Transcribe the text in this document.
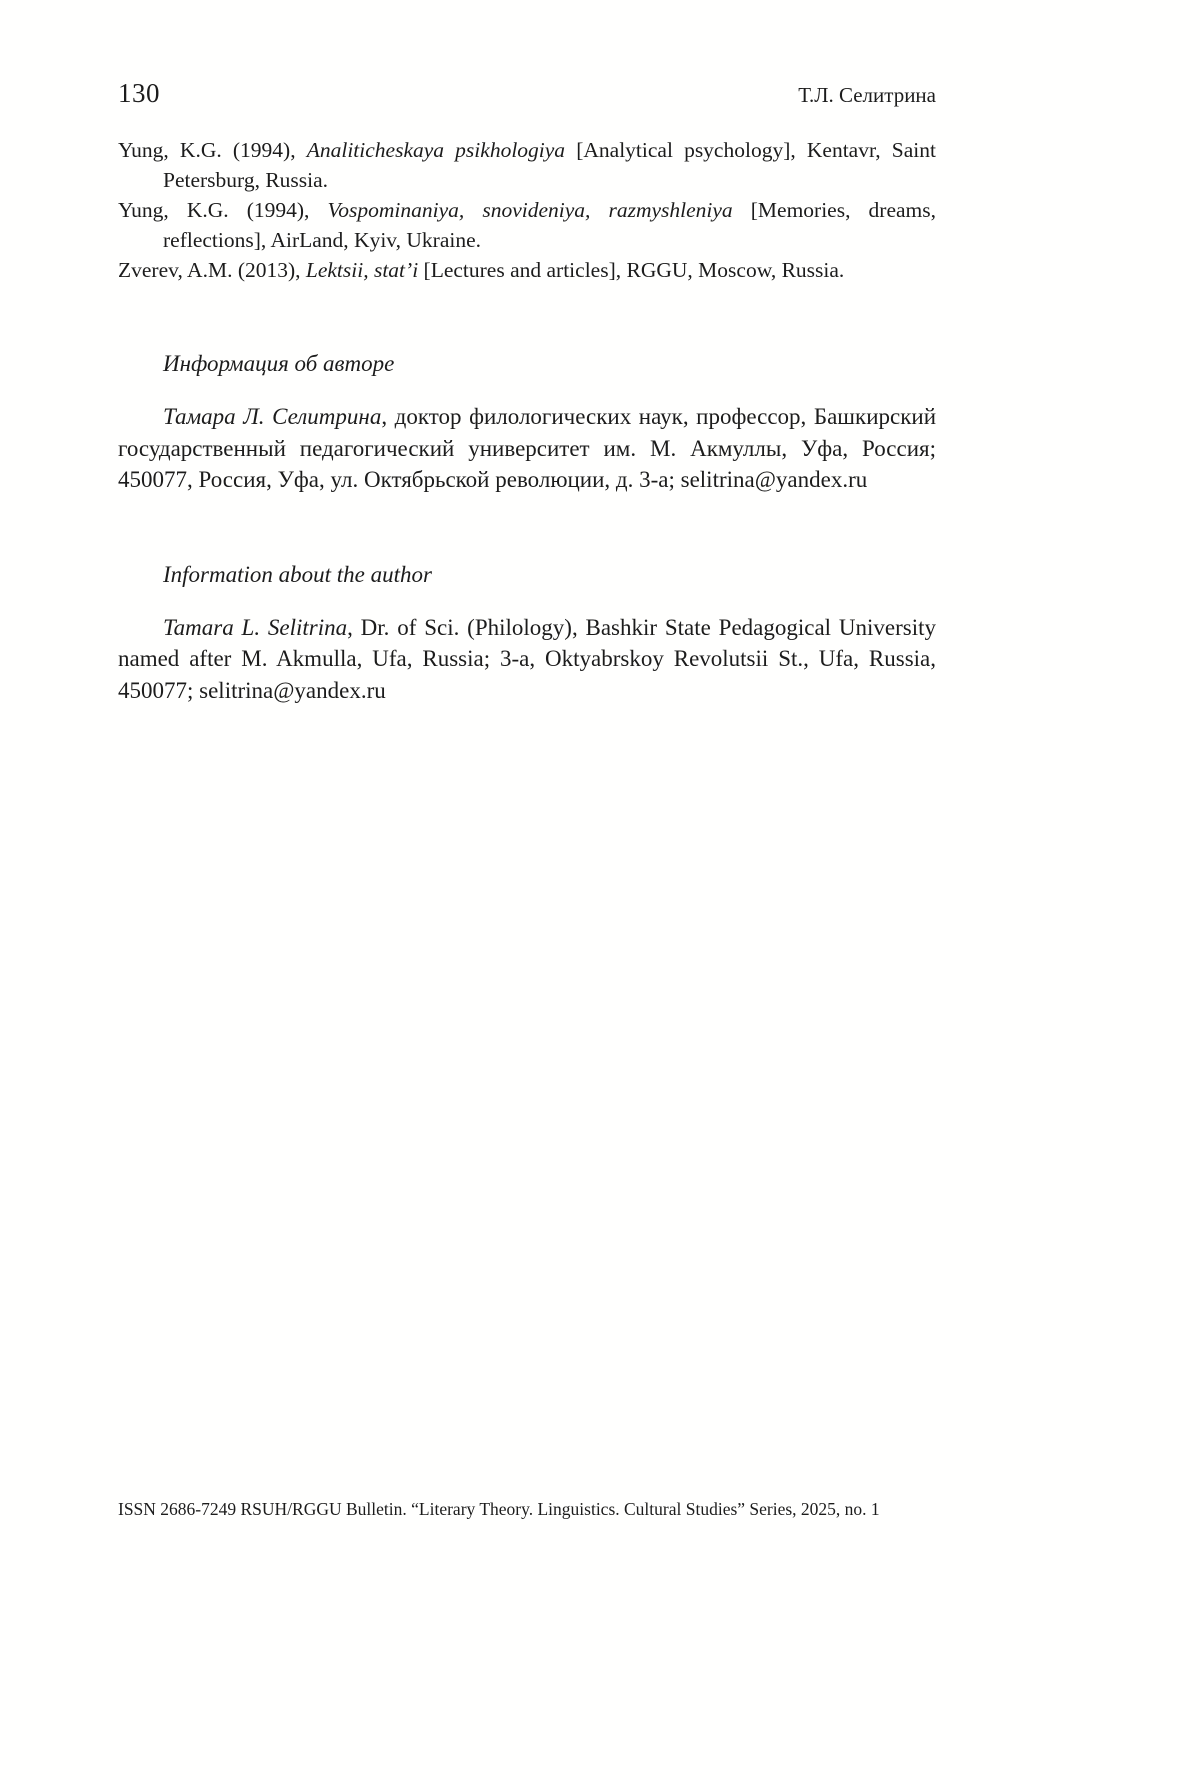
130	Т.Л. Селитрина

Yung, K.G. (1994), Analiticheskaya psikhologiya [Analytical psychology], Kentavr, Saint Petersburg, Russia.

Yung, K.G. (1994), Vospominaniya, snovideniya, razmyshleniya [Memories, dreams, reflections], AirLand, Kyiv, Ukraine.

Zverev, A.M. (2013), Lektsii, stat’i [Lectures and articles], RGGU, Moscow, Russia.

Информация об авторе

Тамара Л. Селитрина, доктор филологических наук, профессор, Башкирский государственный педагогический университет им. М. Акмуллы, Уфа, Россия; 450077, Россия, Уфа, ул. Октябрьской революции, д. 3-а; selitrina@yandex.ru

Information about the author

Tamara L. Selitrina, Dr. of Sci. (Philology), Bashkir State Pedagogical University named after M. Akmulla, Ufa, Russia; 3-a, Oktyabrskoy Revolutsii St., Ufa, Russia, 450077; selitrina@yandex.ru

ISSN 2686-7249 RSUH/RGGU Bulletin. “Literary Theory. Linguistics. Cultural Studies” Series, 2025, no. 1
